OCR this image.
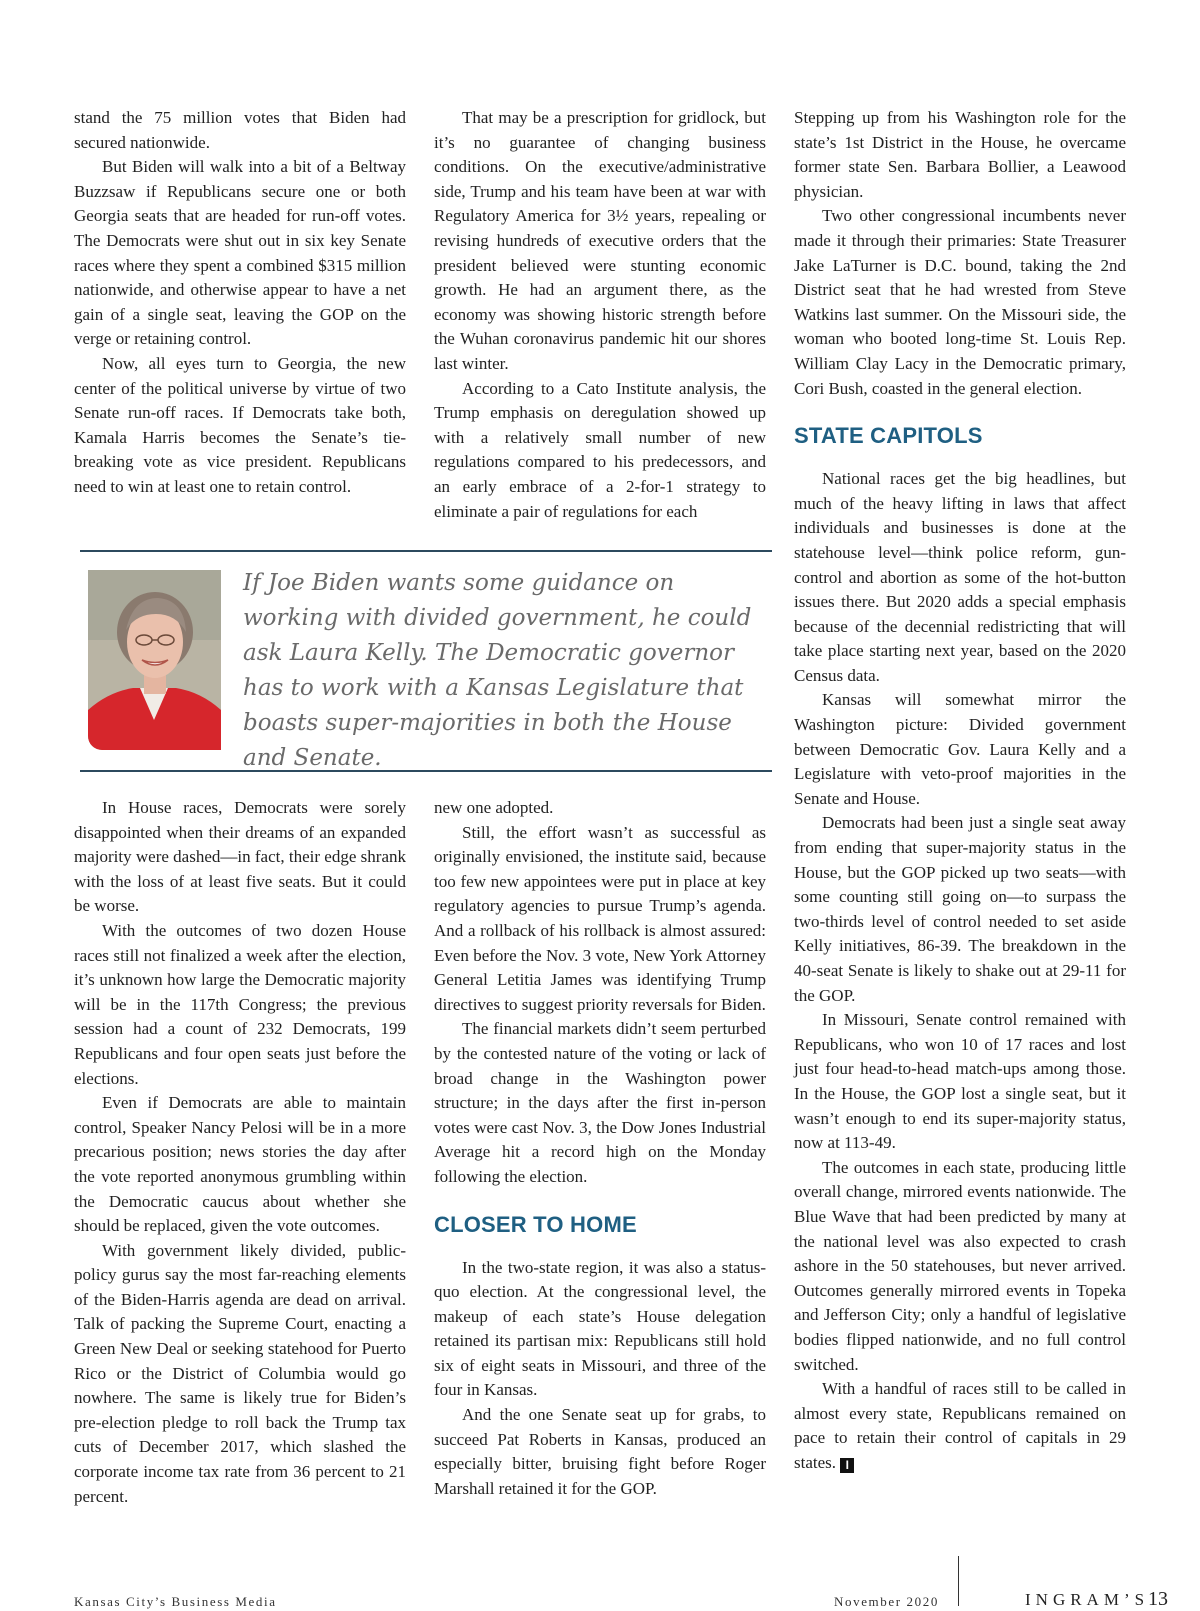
stand the 75 million votes that Biden had secured nationwide.

But Biden will walk into a bit of a Beltway Buzzsaw if Republicans secure one or both Georgia seats that are headed for run-off votes. The Democrats were shut out in six key Senate races where they spent a combined $315 million nationwide, and otherwise appear to have a net gain of a single seat, leaving the GOP on the verge or retaining control.

Now, all eyes turn to Georgia, the new center of the political universe by virtue of two Senate run-off races. If Democrats take both, Kamala Harris becomes the Senate’s tie-breaking vote as vice president. Republicans need to win at least one to retain control.

That may be a prescription for gridlock, but it’s no guarantee of changing business conditions. On the executive/administrative side, Trump and his team have been at war with Regulatory America for 3½ years, repealing or revising hundreds of executive orders that the president believed were stunting economic growth. He had an argument there, as the economy was showing historic strength before the Wuhan coronavirus pandemic hit our shores last winter.

According to a Cato Institute analysis, the Trump emphasis on deregulation showed up with a relatively small number of new regulations compared to his predecessors, and an early embrace of a 2-for-1 strategy to eliminate a pair of regulations for each

If Joe Biden wants some guidance on working with divided government, he could ask Laura Kelly. The Democratic governor has to work with a Kansas Legislature that boasts super-majorities in both the House and Senate.

In House races, Democrats were sorely disappointed when their dreams of an expanded majority were dashed—in fact, their edge shrank with the loss of at least five seats. But it could be worse.

With the outcomes of two dozen House races still not finalized a week after the election, it’s unknown how large the Democratic majority will be in the 117th Congress; the previous session had a count of 232 Democrats, 199 Republicans and four open seats just before the elections.

Even if Democrats are able to maintain control, Speaker Nancy Pelosi will be in a more precarious position; news stories the day after the vote reported anonymous grumbling within the Democratic caucus about whether she should be replaced, given the vote outcomes.

With government likely divided, public-policy gurus say the most far-reaching elements of the Biden-Harris agenda are dead on arrival. Talk of packing the Supreme Court, enacting a Green New Deal or seeking statehood for Puerto Rico or the District of Columbia would go nowhere. The same is likely true for Biden’s pre-election pledge to roll back the Trump tax cuts of December 2017, which slashed the corporate income tax rate from 36 percent to 21 percent.

new one adopted.

Still, the effort wasn’t as successful as originally envisioned, the institute said, because too few new appointees were put in place at key regulatory agencies to pursue Trump’s agenda. And a rollback of his rollback is almost assured: Even before the Nov. 3 vote, New York Attorney General Letitia James was identifying Trump directives to suggest priority reversals for Biden.

The financial markets didn’t seem perturbed by the contested nature of the voting or lack of broad change in the Washington power structure; in the days after the first in-person votes were cast Nov. 3, the Dow Jones Industrial Average hit a record high on the Monday following the election.

CLOSER TO HOME

In the two-state region, it was also a status-quo election. At the congressional level, the makeup of each state’s House delegation retained its partisan mix: Republicans still hold six of eight seats in Missouri, and three of the four in Kansas.

And the one Senate seat up for grabs, to succeed Pat Roberts in Kansas, produced an especially bitter, bruising fight before Roger Marshall retained it for the GOP.

Stepping up from his Washington role for the state’s 1st District in the House, he overcame former state Sen. Barbara Bollier, a Leawood physician.

Two other congressional incumbents never made it through their primaries: State Treasurer Jake LaTurner is D.C. bound, taking the 2nd District seat that he had wrested from Steve Watkins last summer. On the Missouri side, the woman who booted long-time St. Louis Rep. William Clay Lacy in the Democratic primary, Cori Bush, coasted in the general election.

STATE CAPITOLS

National races get the big headlines, but much of the heavy lifting in laws that affect individuals and businesses is done at the statehouse level—think police reform, gun-control and abortion as some of the hot-button issues there. But 2020 adds a special emphasis because of the decennial redistricting that will take place starting next year, based on the 2020 Census data.

Kansas will somewhat mirror the Washington picture: Divided government between Democratic Gov. Laura Kelly and a Legislature with veto-proof majorities in the Senate and House.

Democrats had been just a single seat away from ending that super-majority status in the House, but the GOP picked up two seats—with some counting still going on—to surpass the two-thirds level of control needed to set aside Kelly initiatives, 86-39. The breakdown in the 40-seat Senate is likely to shake out at 29-11 for the GOP.

In Missouri, Senate control remained with Republicans, who won 10 of 17 races and lost just four head-to-head match-ups among those. In the House, the GOP lost a single seat, but it wasn’t enough to end its super-majority status, now at 113-49.

The outcomes in each state, producing little overall change, mirrored events nationwide. The Blue Wave that had been predicted by many at the national level was also expected to crash ashore in the 50 statehouses, but never arrived. Outcomes generally mirrored events in Topeka and Jefferson City; only a handful of legislative bodies flipped nationwide, and no full control switched.

With a handful of races still to be called in almost every state, Republicans remained on pace to retain their control of capitals in 29 states. I

Kansas City’s Business Media	November 2020	INGRAM’S
13
